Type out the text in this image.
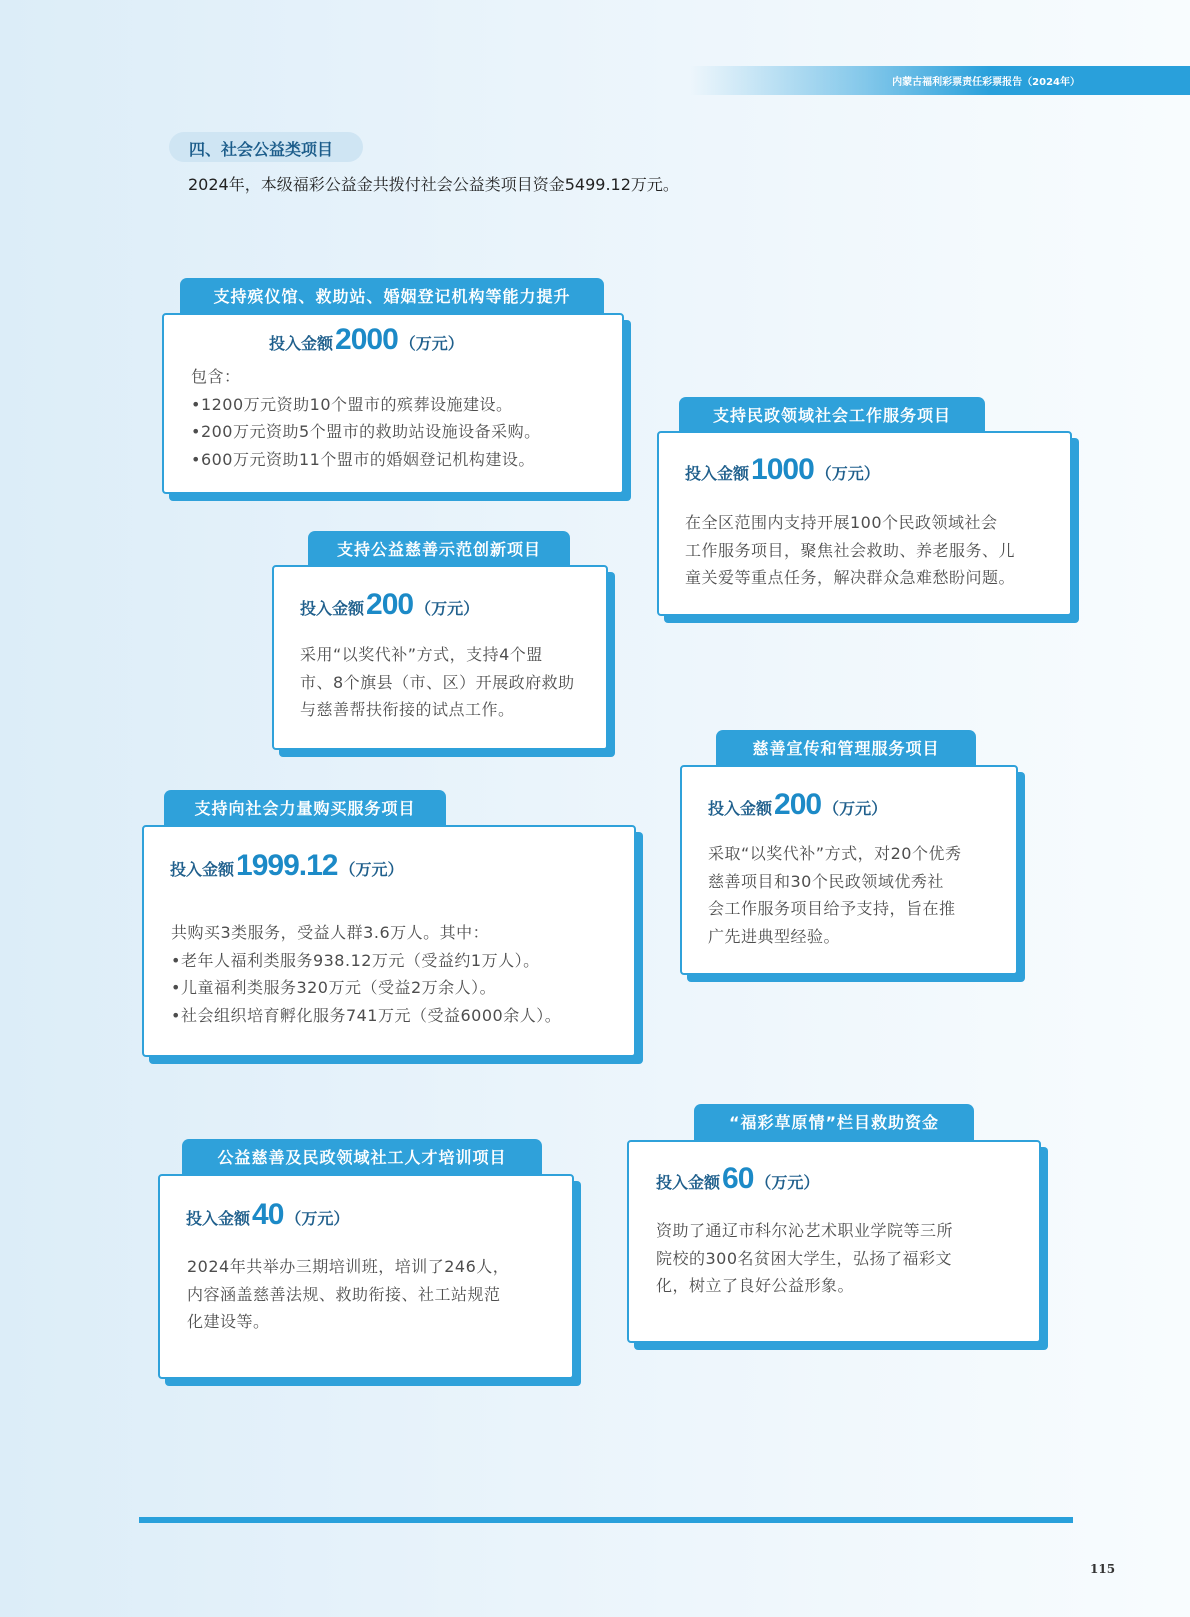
内蒙古福利彩票责任彩票报告（2024年）
四、社会公益类项目
2024年，本级福彩公益金共拨付社会公益类项目资金5499.12万元。
支持殡仪馆、救助站、婚姻登记机构等能力提升
投入金额2000 （万元）
包含：
•1200万元资助10个盟市的殡葬设施建设。
•200万元资助5个盟市的救助站设施设备采购。
•600万元资助11个盟市的婚姻登记机构建设。
支持民政领域社会工作服务项目
投入金额1000 （万元）
在全区范围内支持开展100个民政领域社会
工作服务项目，聚焦社会救助、养老服务、儿
童关爱等重点任务，解决群众急难愁盼问题。
支持公益慈善示范创新项目
投入金额200 （万元）
采用“以奖代补”方式，支持4个盟
市、8个旗县（市、区）开展政府救助
与慈善帮扶衔接的试点工作。
慈善宣传和管理服务项目
投入金额200 （万元）
采取“以奖代补”方式，对20个优秀
慈善项目和30个民政领域优秀社
会工作服务项目给予支持，旨在推
广先进典型经验。
支持向社会力量购买服务项目
投入金额1999.12 （万元）
共购买3类服务，受益人群3.6万人。其中：
•老年人福利类服务938.12万元（受益约1万人）。
•儿童福利类服务320万元（受益2万余人）。
•社会组织培育孵化服务741万元（受益6000余人）。
公益慈善及民政领域社工人才培训项目
投入金额40 （万元）
2024年共举办三期培训班，培训了246人，
内容涵盖慈善法规、救助衔接、社工站规范
化建设等。
“福彩草原情”栏目救助资金
投入金额60 （万元）
资助了通辽市科尔沁艺术职业学院等三所
院校的300名贫困大学生，弘扬了福彩文
化，树立了良好公益形象。
115
